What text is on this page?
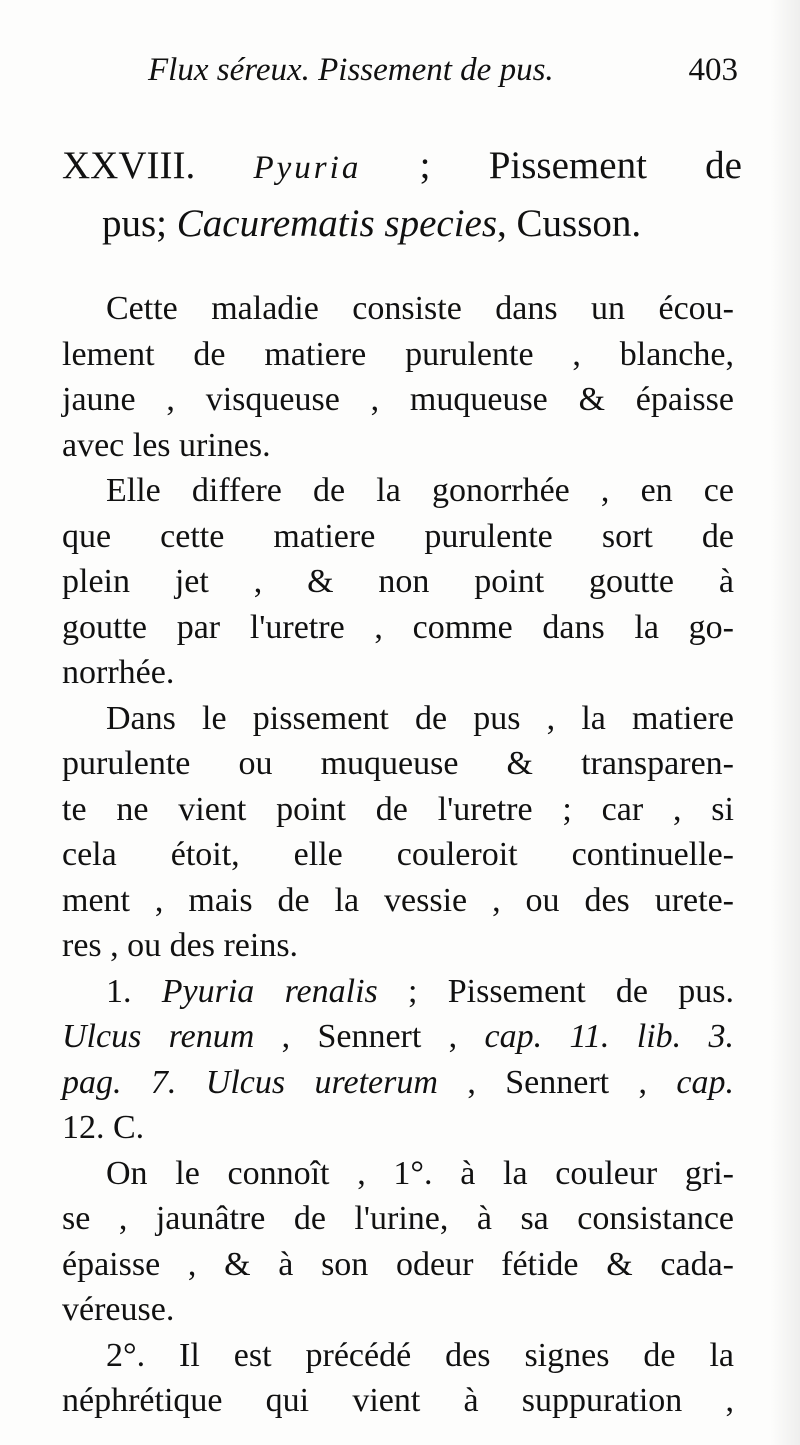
Flux séreux. Pissement de pus.	403
XXVIII. Pyuria ; Pissement de
pus; Cacurematis species, Cusson.

Cette maladie consiste dans un écou-
lement de matiere purulente , blanche,
jaune , visqueuse , muqueuse & épaisse
avec les urines.

Elle differe de la gonorrhée , en ce
que cette matiere purulente sort de
plein jet , & non point goutte à
goutte par l'uretre , comme dans la go-
norrhée.

Dans le pissement de pus , la matiere
purulente ou muqueuse & transparen-
te ne vient point de l'uretre ; car , si
cela étoit, elle couleroit continuelle-
ment , mais de la vessie , ou des urete-
res , ou des reins.

1. Pyuria renalis ; Pissement de pus.
Ulcus renum , Sennert , cap. 11. lib. 3.
pag. 7. Ulcus ureterum , Sennert , cap.
12. C.

On le connoît , 1°. à la couleur gri-
se , jaunâtre de l'urine, à sa consistance
épaisse , & à son odeur fétide & cada-
véreuse.

2°. Il est précédé des signes de la
néphrétique qui vient à suppuration ,
